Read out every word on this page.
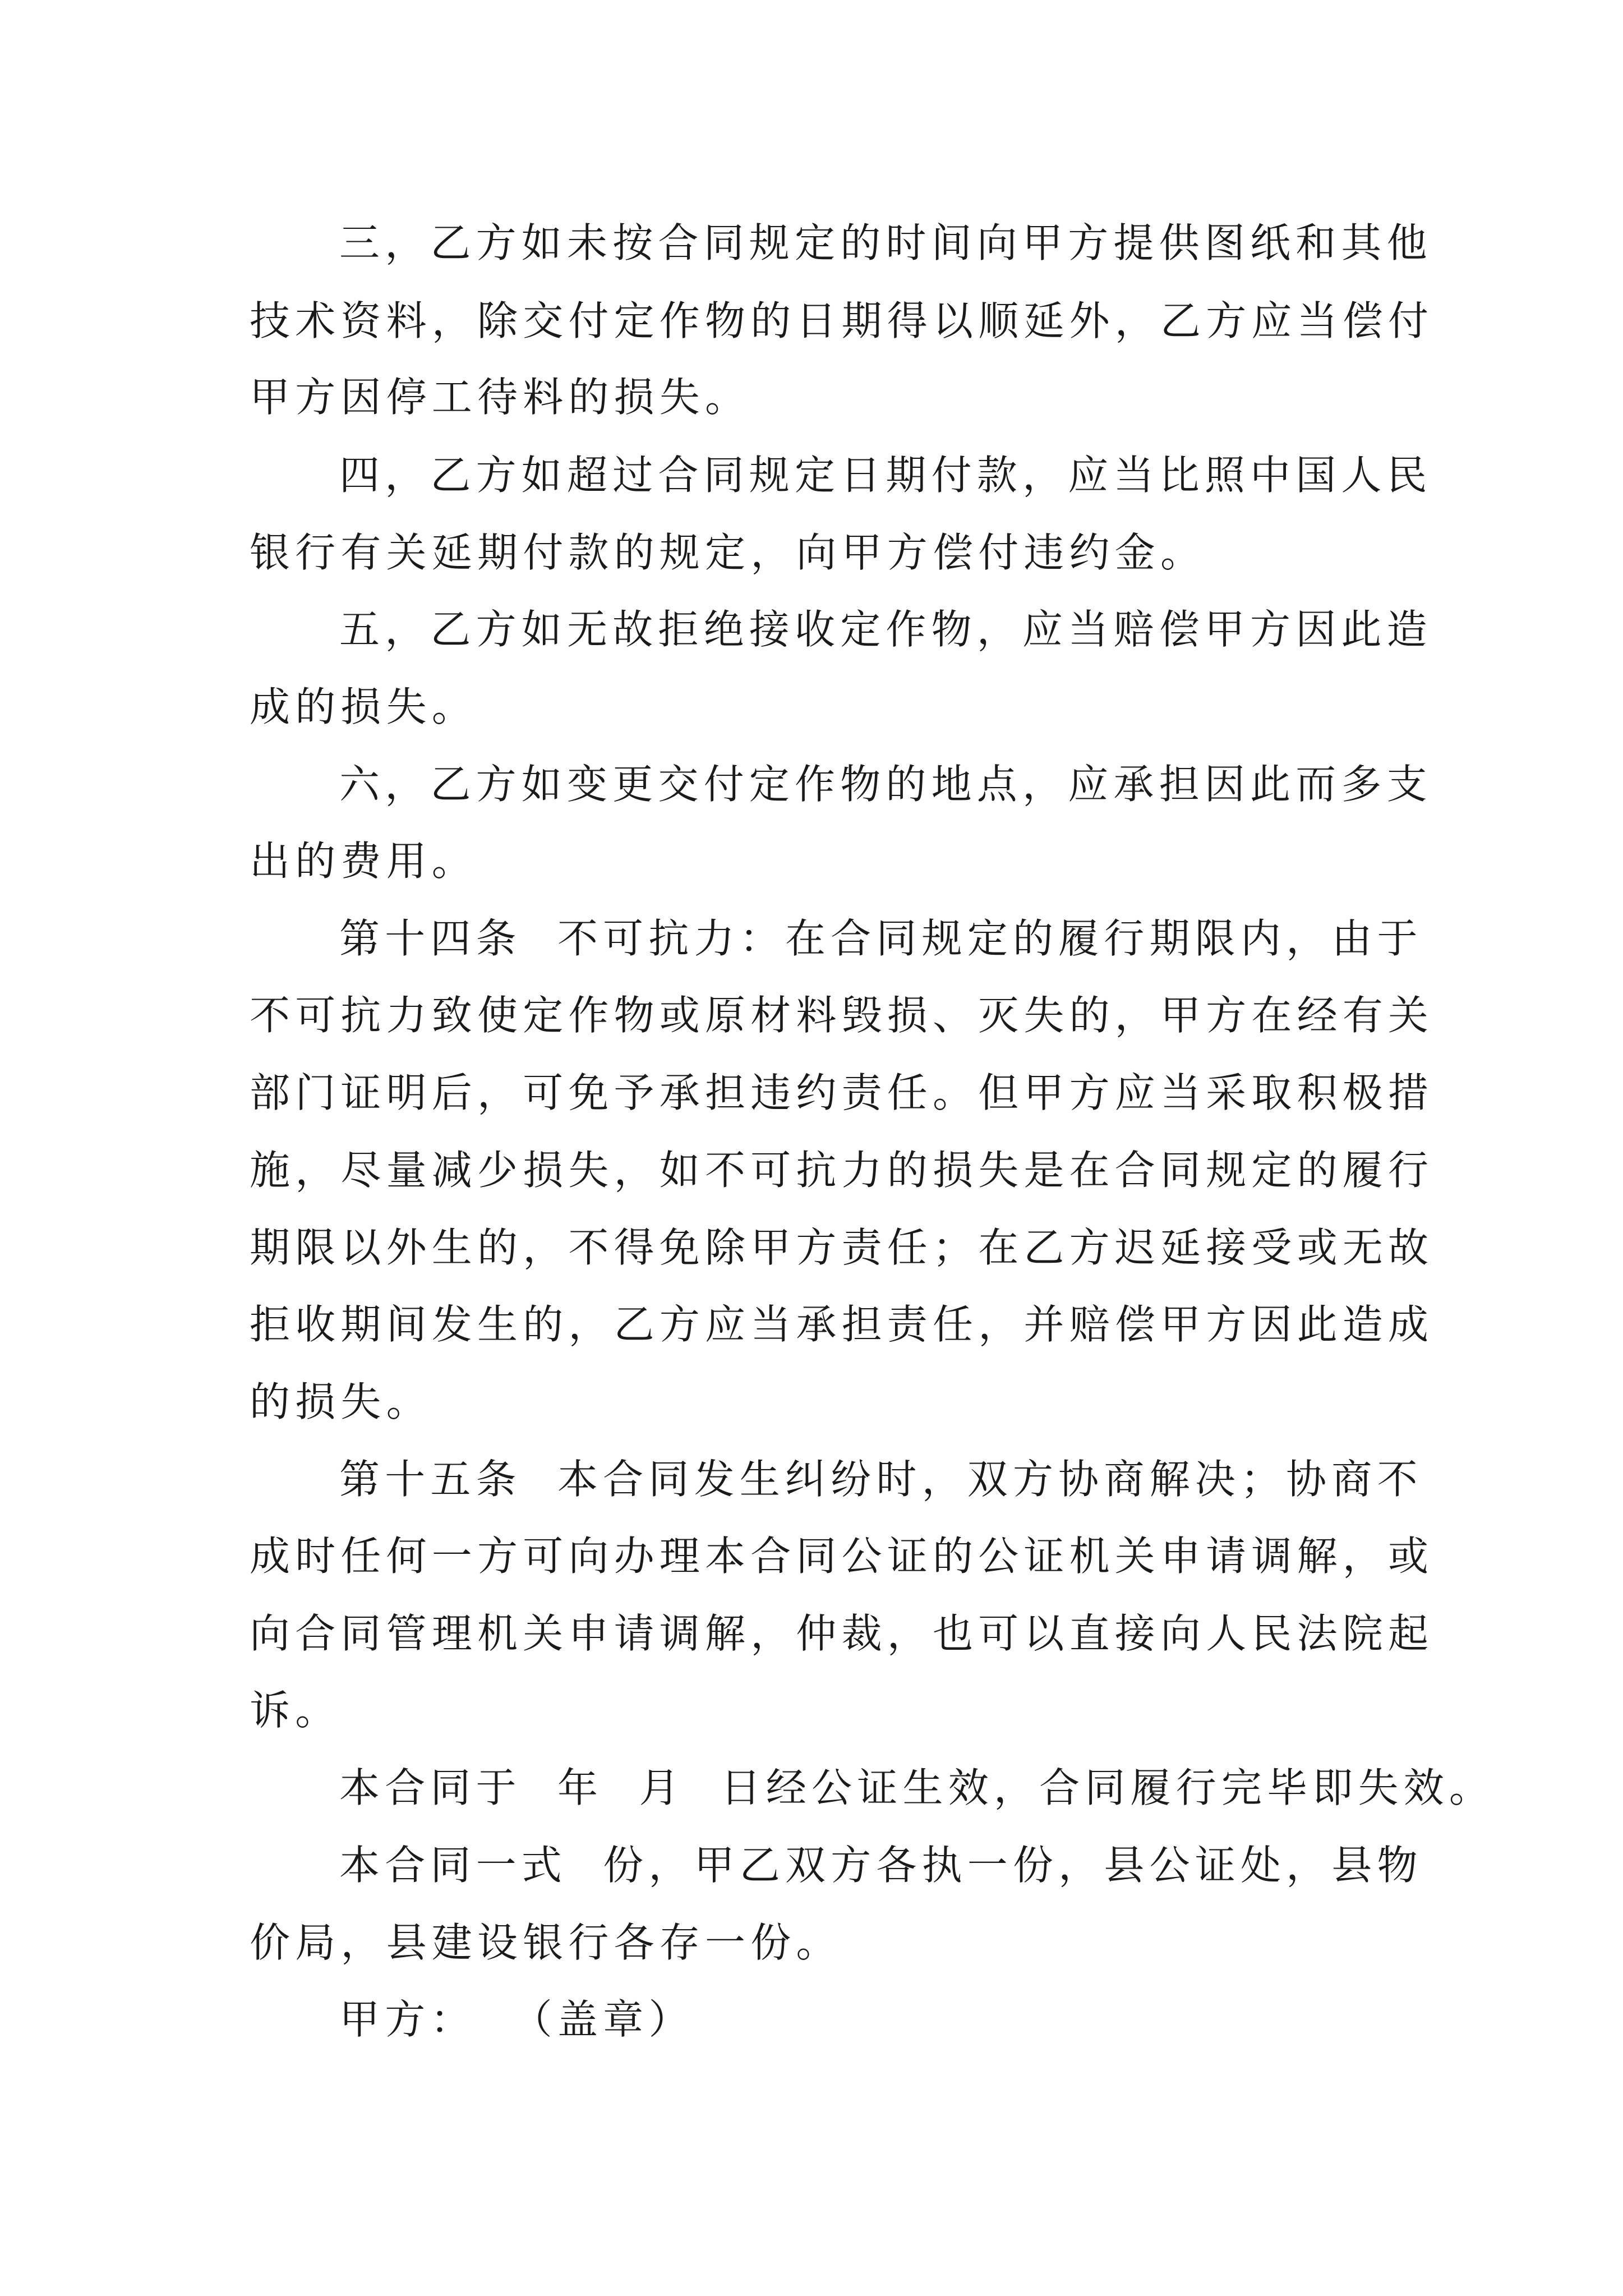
三，乙方如未按合同规定的时间向甲方提供图纸和其他

技术资料，除交付定作物的日期得以顺延外，乙方应当偿付

甲方因停工待料的损失。

四，乙方如超过合同规定日期付款，应当比照中国人民

银行有关延期付款的规定，向甲方偿付违约金。

五，乙方如无故拒绝接收定作物，应当赔偿甲方因此造

成的损失。

六，乙方如变更交付定作物的地点，应承担因此而多支

出的费用。

第十四条  不可抗力：在合同规定的履行期限内，由于

不可抗力致使定作物或原材料毁损、灭失的，甲方在经有关

部门证明后，可免予承担违约责任。但甲方应当采取积极措

施，尽量减少损失，如不可抗力的损失是在合同规定的履行

期限以外生的，不得免除甲方责任；在乙方迟延接受或无故

拒收期间发生的，乙方应当承担责任，并赔偿甲方因此造成

的损失。

第十五条  本合同发生纠纷时，双方协商解决；协商不

成时任何一方可向办理本合同公证的公证机关申请调解，或

向合同管理机关申请调解，仲裁，也可以直接向人民法院起

诉。

本合同于  年  月  日经公证生效，合同履行完毕即失效。

本合同一式  份，甲乙双方各执一份，县公证处，县物

价局，县建设银行各存一份。

甲方：  （盖章）
